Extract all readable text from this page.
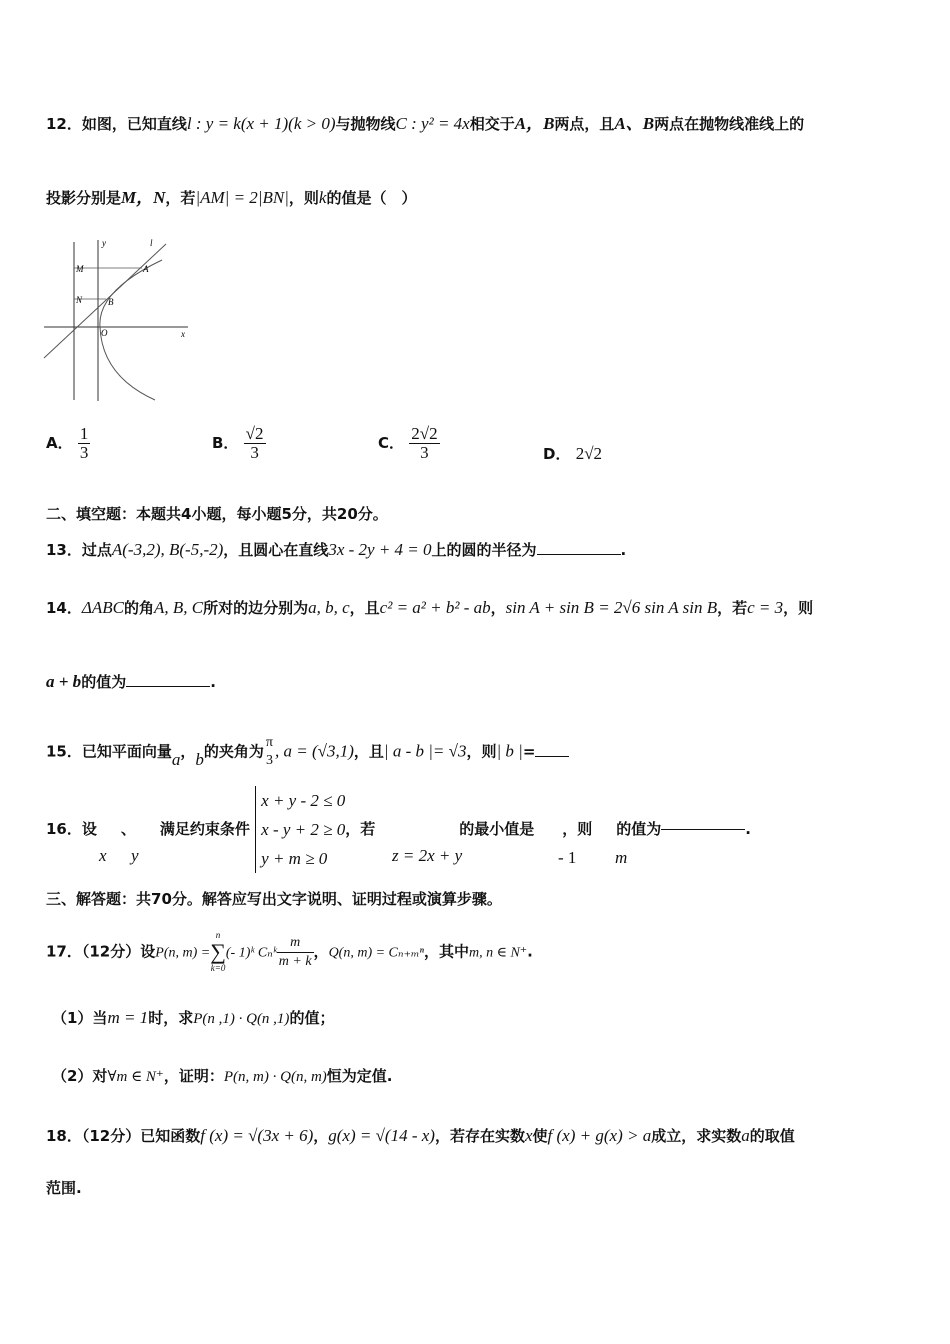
12．如图，已知直线l : y = k(x + 1)(k > 0)与抛物线C : y² = 4x相交于A，B两点，且A、B两点在抛物线准线上的
投影分别是M，N，若|AM| = 2|BN|，则k的值是（　）
M
N
A
B
O	x
y	l
A． $\frac{1}{3}$	B． $\frac{√2}{3}$	C． $\frac{2√2}{3}$	D． 2√2
二、填空题：本题共4小题，每小题5分，共20分。
13．过点A(-3,2), B(-5,-2)，且圆心在直线3x - 2y + 4 = 0上的圆的半径为	.
14．ΔABC的角A, B, C所对的边分别为a, b, c，且c² = a² + b² - ab，sin A + sin B = 2√6 sin A sin B，若c = 3，则
a + b的值为	.
15．已知平面向量a，b的夹角为 π
3 , a = (√3,1)，且| a - b |= √3，则| b |=
16．设 、 满足约束条件
x + y - 2 ≤ 0
x - y + 2 ≥ 0
y + m ≥ 0
，若	的最小值是 ，则 的值为	.
x y	z = 2x + y	- 1 m
三、解答题：共70分。解答应写出文字说明、证明过程或演算步骤。
17．（12分）设P(n, m) =
n
∑
k=0
(- 1)ᵏ Cₙᵏ $\frac{m}{m + k}$ ，Q(n, m) = Cₙ₊ₘⁿ，其中m, n ∈ N⁺.
（1）当m = 1时，求P(n ,1) · Q(n ,1)的值；
（2）对∀m ∈ N⁺，证明：P(n, m) · Q(n, m)恒为定值.
18．（12分）已知函数f (x) = √(3x + 6)，g(x) = √(14 - x)，若存在实数x使f (x) + g(x) > a成立，求实数a的取值
范围.
